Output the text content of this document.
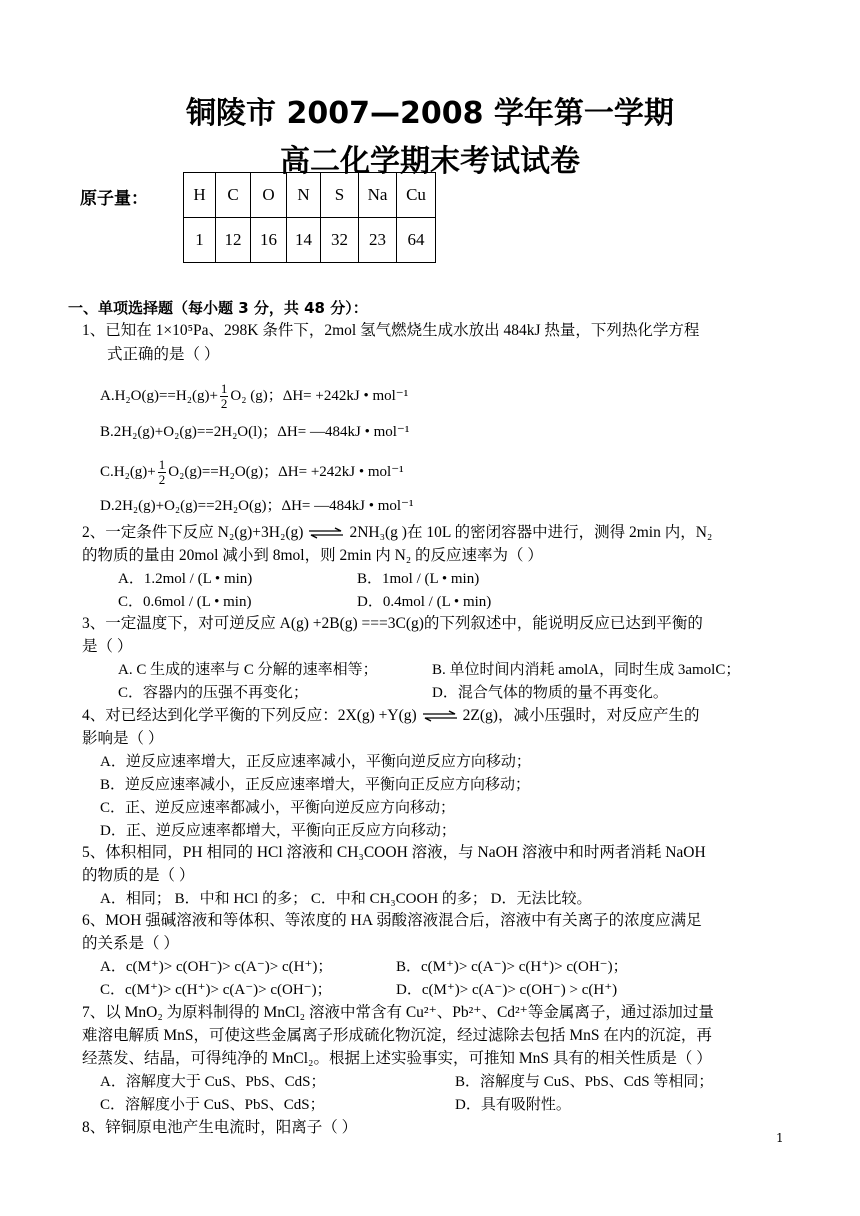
铜陵市 2007—2008 学年第一学期
高二化学期末考试试卷
原子量：	H	C	O	N	S	Na	Cu
1	12	16	14	32	23	64
一、单项选择题（每小题 3 分，共 48 分）：
1、已知在 1×10⁵Pa、298K 条件下，2mol 氢气燃烧生成水放出 484kJ 热量，下列热化学方程
式正确的是（ ）
$A.H_2O(g)==H_2(g)+ \frac{1}{2} O_2$ (g)；ΔH= +242kJ • mol⁻¹
B.2H₂(g)+O₂(g)==2H₂O(l)；ΔH= —484kJ • mol⁻¹
$C.H_2(g)+ \frac{1}{2} O_2(g)==H_2O(g)$；ΔH= +242kJ • mol⁻¹
D.2H₂(g)+O₂(g)==2H₂O(g)；ΔH= —484kJ • mol⁻¹
2、一定条件下反应 N₂(g)+3H₂(g) ⇌ 2NH₃(g )在 10L 的密闭容器中进行，测得 2min 内，N₂
的物质的量由 20mol 减小到 8mol，则 2min 内 N₂ 的反应速率为（ ）
A．1.2mol / (L • min)	B．1mol / (L • min)
C．0.6mol / (L • min)	D．0.4mol / (L • min)
3、一定温度下，对可逆反应 A(g) +2B(g) ===3C(g)的下列叙述中，能说明反应已达到平衡的
是（ ）
A. C 生成的速率与 C 分解的速率相等；	B. 单位时间内消耗 amolA，同时生成 3amolC；
C．容器内的压强不再变化；	D．混合气体的物质的量不再变化。
4、对已经达到化学平衡的下列反应：2X(g) +Y(g) ⇌ 2Z(g)，减小压强时，对反应产生的
影响是（ ）
A．逆反应速率增大，正反应速率减小，平衡向逆反应方向移动；
B．逆反应速率减小，正反应速率增大，平衡向正反应方向移动；
C．正、逆反应速率都减小，平衡向逆反应方向移动；
D．正、逆反应速率都增大，平衡向正反应方向移动；
5、体积相同，PH 相同的 HCl 溶液和 CH₃COOH 溶液，与 NaOH 溶液中和时两者消耗 NaOH
的物质的是（ ）
A．相同； B．中和 HCl 的多； C．中和 CH₃COOH 的多； D．无法比较。
6、MOH 强碱溶液和等体积、等浓度的 HA 弱酸溶液混合后，溶液中有关离子的浓度应满足
的关系是（ ）
A．c(M⁺)> c(OH⁻)> c(A⁻)> c(H⁺)；	B．c(M⁺)> c(A⁻)> c(H⁺)> c(OH⁻)；
C．c(M⁺)> c(H⁺)> c(A⁻)> c(OH⁻)；	D．c(M⁺)> c(A⁻)> c(OH⁻) > c(H⁺)
7、以 MnO₂ 为原料制得的 MnCl₂ 溶液中常含有 Cu²⁺、Pb²⁺、Cd²⁺等金属离子，通过添加过量
难溶电解质 MnS，可使这些金属离子形成硫化物沉淀，经过滤除去包括 MnS 在内的沉淀，再
经蒸发、结晶，可得纯净的 MnCl₂。根据上述实验事实，可推知 MnS 具有的相关性质是（ ）
A．溶解度大于 CuS、PbS、CdS；	B．溶解度与 CuS、PbS、CdS 等相同；
C．溶解度小于 CuS、PbS、CdS；	D．具有吸附性。
8、锌铜原电池产生电流时，阳离子（ ）
1
